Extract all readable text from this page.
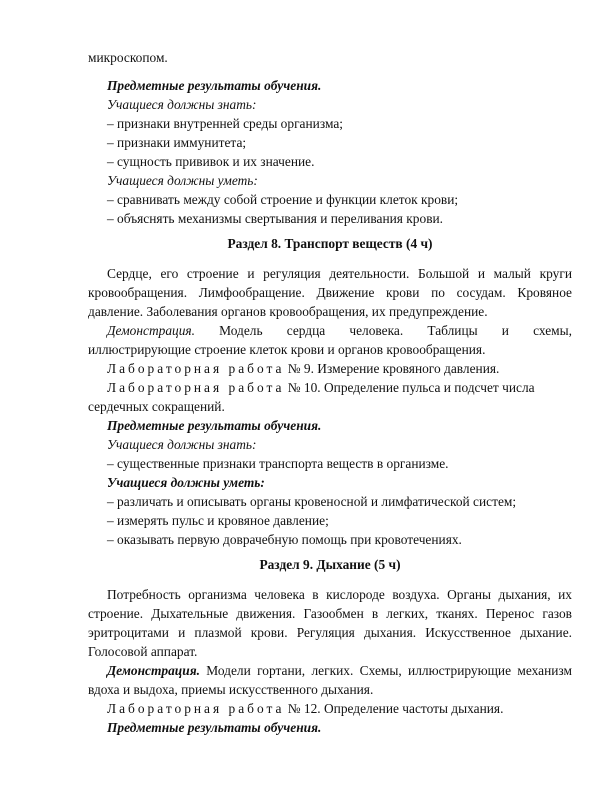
микроскопом.
Предметные результаты обучения.
Учащиеся должны знать:
– признаки внутренней среды организма;
– признаки иммунитета;
– сущность прививок и их значение.
Учащиеся должны уметь:
– сравнивать между собой строение и функции клеток крови;
– объяснять механизмы свертывания и переливания крови.
Раздел 8. Транспорт веществ (4 ч)
Сердце, его строение и регуляция деятельности. Большой и малый круги
кровообращения. Лимфообращение. Движение крови по сосудам. Кровяное
давление. Заболевания органов кровообращения, их предупреждение.
Демонстрация. Модель сердца человека. Таблицы и схемы,
иллюстрирующие строение клеток крови и органов кровообращения.
Лабораторная работа № 9. Измерение кровяного давления.
Лабораторная работа № 10. Определение пульса и подсчет числа
сердечных сокращений.
Предметные результаты обучения.
Учащиеся должны знать:
– существенные признаки транспорта веществ в организме.
Учащиеся должны уметь:
– различать и описывать органы кровеносной и лимфатической систем;
– измерять пульс и кровяное давление;
– оказывать первую доврачебную помощь при кровотечениях.
Раздел 9. Дыхание (5 ч)
Потребность организма человека в кислороде воздуха. Органы дыхания, их
строение. Дыхательные движения. Газообмен в легких, тканях. Перенос газов
эритроцитами и плазмой крови. Регуляция дыхания. Искусственное дыхание.
Голосовой аппарат.
Демонстрация. Модели гортани, легких. Схемы, иллюстрирующие механизм
вдоха и выдоха, приемы искусственного дыхания.
Лабораторная работа № 12. Определение частоты дыхания.
Предметные результаты обучения.
